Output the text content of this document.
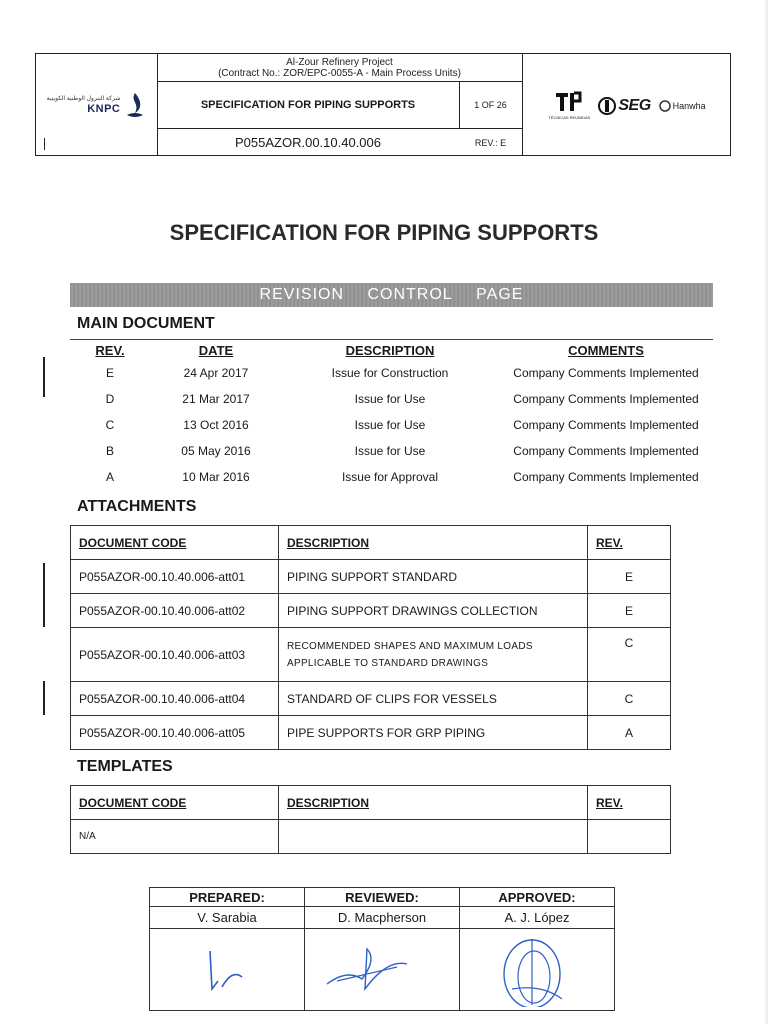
شركة البترول الوطنية الكويتية
KNPC
Al-Zour Refinery Project
(Contract No.: ZOR/EPC-0055-A - Main Process Units)
SPECIFICATION FOR PIPING SUPPORTS	1 OF 26
P055AZOR.00.10.40.006	REV.: E
TÉCNICAS REUNIDAS
SEG Hanwha
SPECIFICATION FOR PIPING SUPPORTS
REVISION CONTROL PAGE
MAIN DOCUMENT
REV.	DATE	DESCRIPTION	COMMENTS
E	24 Apr 2017	Issue for Construction	Company Comments Implemented
D	21 Mar 2017	Issue for Use	Company Comments Implemented
C	13 Oct 2016	Issue for Use	Company Comments Implemented
B	05 May 2016	Issue for Use	Company Comments Implemented
A	10 Mar 2016	Issue for Approval	Company Comments Implemented
ATTACHMENTS
DOCUMENT CODE	DESCRIPTION	REV.
P055AZOR-00.10.40.006-att01	PIPING SUPPORT STANDARD	E
P055AZOR-00.10.40.006-att02	PIPING SUPPORT DRAWINGS COLLECTION	E
P055AZOR-00.10.40.006-att03	RECOMMENDED SHAPES AND MAXIMUM LOADS
APPLICABLE TO STANDARD DRAWINGS	C
P055AZOR-00.10.40.006-att04	STANDARD OF CLIPS FOR VESSELS	C
P055AZOR-00.10.40.006-att05	PIPE SUPPORTS FOR GRP PIPING	A
TEMPLATES
DOCUMENT CODE	DESCRIPTION	REV.
N/A		
PREPARED:	REVIEWED:	APPROVED:
V. Sarabia	D. Macpherson	A. J. López
